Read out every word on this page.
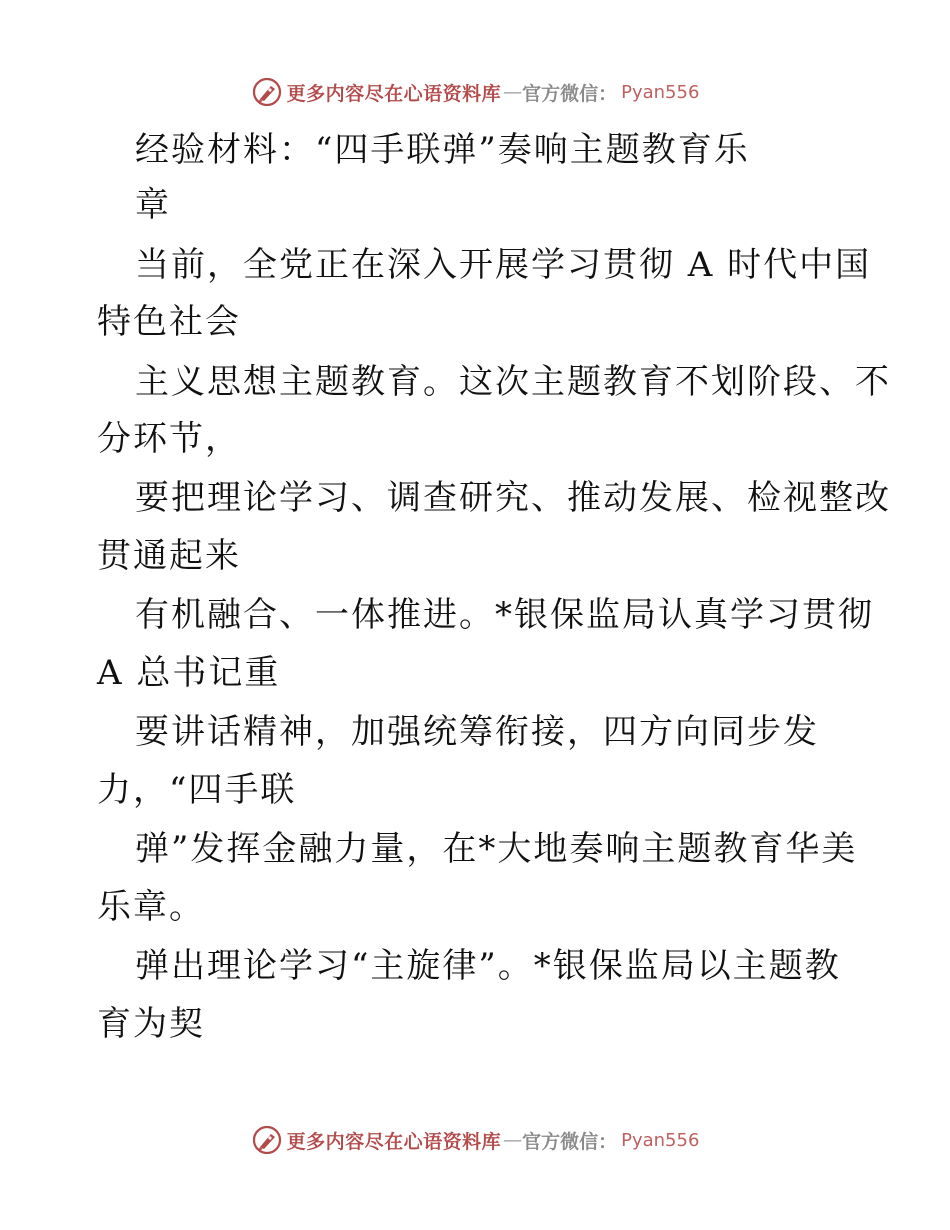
更多内容尽在心语资料库 — 官方微信： Pyan556
经验材料：“四手联弹”奏响主题教育乐
章
当前，全党正在深入开展学习贯彻 A 时代中国
特色社会
主义思想主题教育。这次主题教育不划阶段、不
分环节，
要把理论学习、调查研究、推动发展、检视整改
贯通起来
有机融合、一体推进。*银保监局认真学习贯彻
A 总书记重
要讲话精神，加强统筹衔接，四方向同步发
力，“四手联
弹”发挥金融力量，在*大地奏响主题教育华美
乐章。
弹出理论学习“主旋律”。*银保监局以主题教
育为契
更多内容尽在心语资料库 — 官方微信： Pyan556
